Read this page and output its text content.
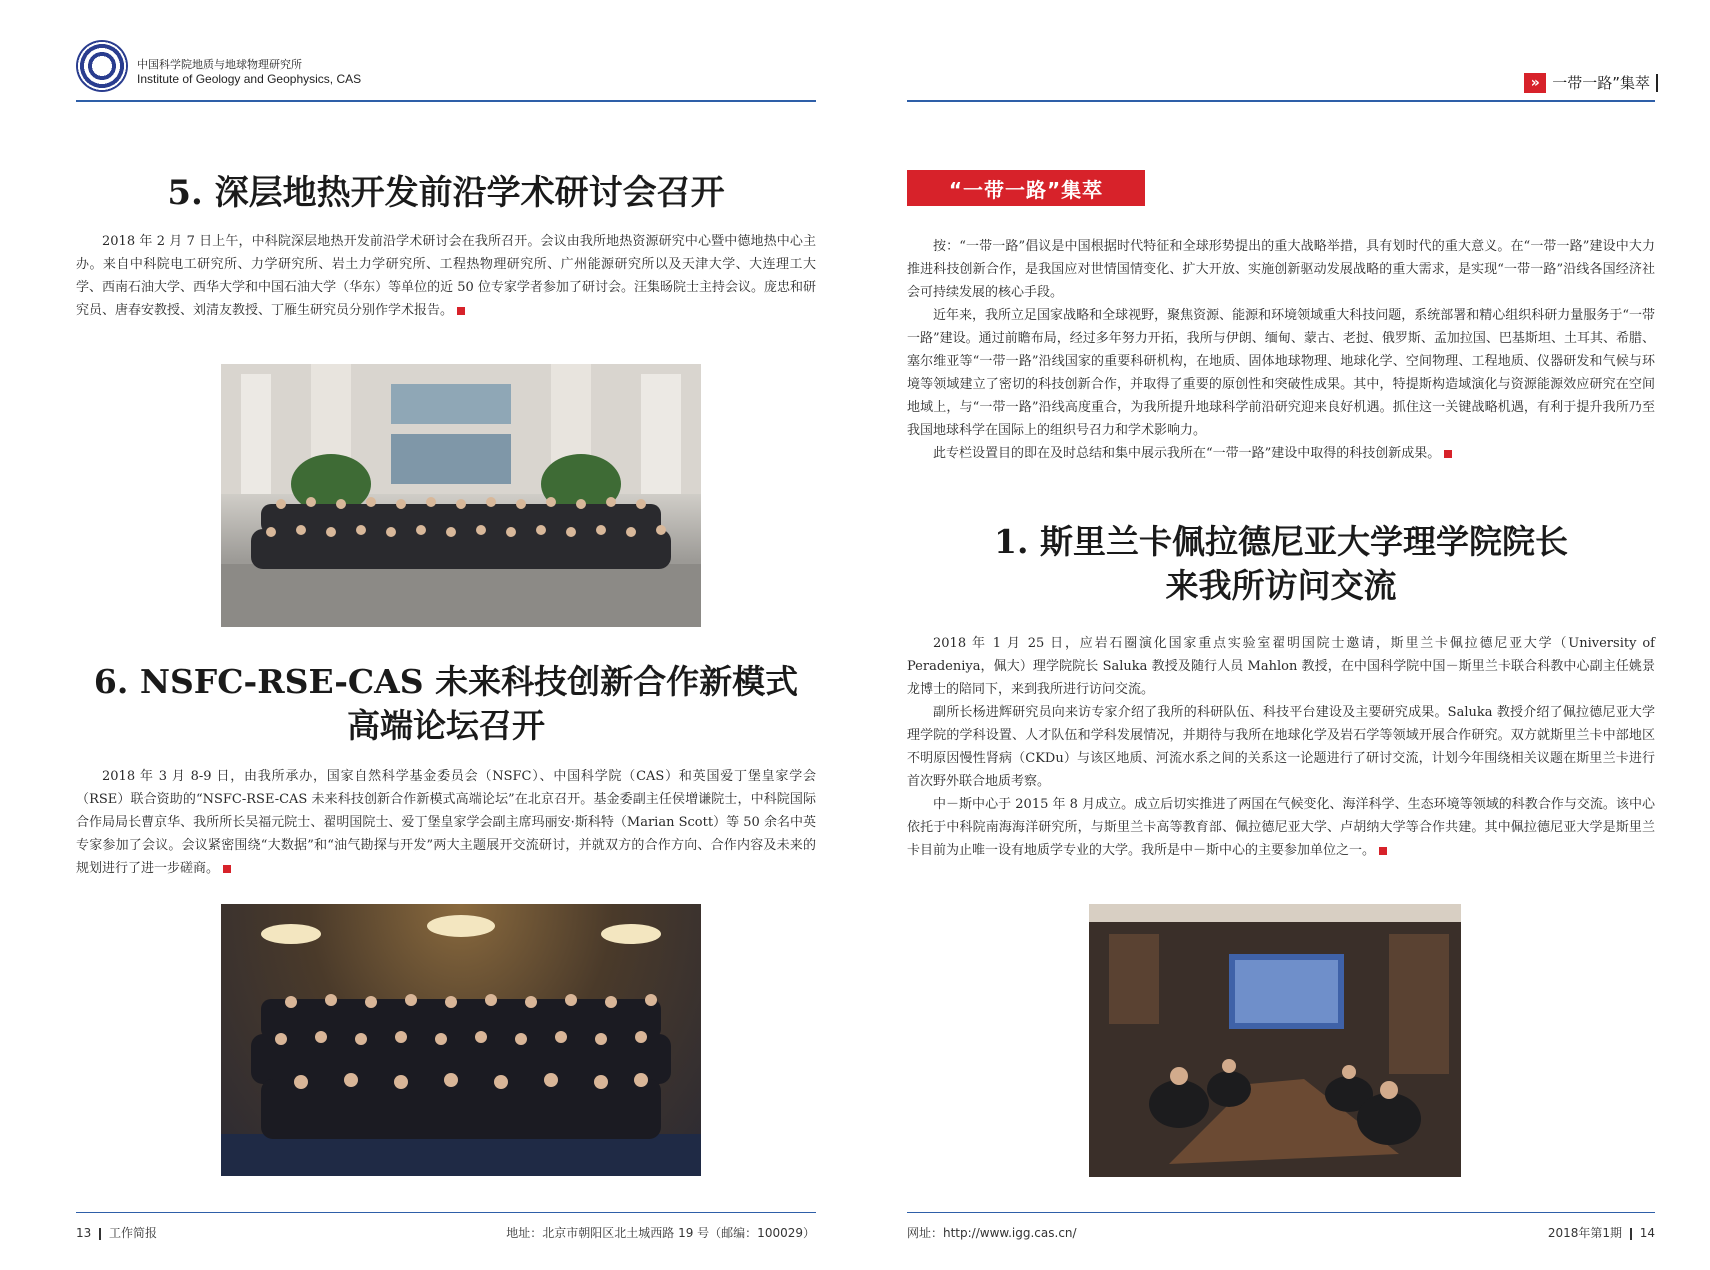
中国科学院地质与地球物理研究所
Institute of Geology and Geophysics, CAS
5. 深层地热开发前沿学术研讨会召开

2018 年 2 月 7 日上午，中科院深层地热开发前沿学术研讨会在我所召开。会议由我所地热资源研究中心暨中德地热中心主办。来自中科院电工研究所、力学研究所、岩土力学研究所、工程热物理研究所、广州能源研究所以及天津大学、大连理工大学、西南石油大学、西华大学和中国石油大学（华东）等单位的近 50 位专家学者参加了研讨会。汪集旸院士主持会议。庞忠和研究员、唐春安教授、刘清友教授、丁雁生研究员分别作学术报告。

6. NSFC-RSE-CAS 未来科技创新合作新模式
高端论坛召开

2018 年 3 月 8-9 日，由我所承办，国家自然科学基金委员会（NSFC）、中国科学院（CAS）和英国爱丁堡皇家学会（RSE）联合资助的“NSFC-RSE-CAS 未来科技创新合作新模式高端论坛”在北京召开。基金委副主任侯增谦院士，中科院国际合作局局长曹京华、我所所长吴福元院士、翟明国院士、爱丁堡皇家学会副主席玛丽安·斯科特（Marian Scott）等 50 余名中英专家参加了会议。会议紧密围绕“大数据”和“油气勘探与开发”两大主题展开交流研讨，并就双方的合作方向、合作内容及未来的规划进行了进一步磋商。

13 工作简报	地址：北京市朝阳区北土城西路 19 号（邮编：100029）
» 一带一路”集萃
“一带一路”集萃

按：“一带一路”倡议是中国根据时代特征和全球形势提出的重大战略举措，具有划时代的重大意义。在“一带一路”建设中大力推进科技创新合作，是我国应对世情国情变化、扩大开放、实施创新驱动发展战略的重大需求，是实现“一带一路”沿线各国经济社会可持续发展的核心手段。

近年来，我所立足国家战略和全球视野，聚焦资源、能源和环境领域重大科技问题，系统部署和精心组织科研力量服务于“一带一路”建设。通过前瞻布局，经过多年努力开拓，我所与伊朗、缅甸、蒙古、老挝、俄罗斯、孟加拉国、巴基斯坦、土耳其、希腊、塞尔维亚等“一带一路”沿线国家的重要科研机构，在地质、固体地球物理、地球化学、空间物理、工程地质、仪器研发和气候与环境等领域建立了密切的科技创新合作，并取得了重要的原创性和突破性成果。其中，特提斯构造域演化与资源能源效应研究在空间地域上，与“一带一路”沿线高度重合，为我所提升地球科学前沿研究迎来良好机遇。抓住这一关键战略机遇，有利于提升我所乃至我国地球科学在国际上的组织号召力和学术影响力。

此专栏设置目的即在及时总结和集中展示我所在“一带一路”建设中取得的科技创新成果。

1. 斯里兰卡佩拉德尼亚大学理学院院长
来我所访问交流

2018 年 1 月 25 日，应岩石圈演化国家重点实验室翟明国院士邀请，斯里兰卡佩拉德尼亚大学（University of Peradeniya，佩大）理学院院长 Saluka 教授及随行人员 Mahlon 教授，在中国科学院中国－斯里兰卡联合科教中心副主任姚景龙博士的陪同下，来到我所进行访问交流。

副所长杨进辉研究员向来访专家介绍了我所的科研队伍、科技平台建设及主要研究成果。Saluka 教授介绍了佩拉德尼亚大学理学院的学科设置、人才队伍和学科发展情况，并期待与我所在地球化学及岩石学等领域开展合作研究。双方就斯里兰卡中部地区不明原因慢性肾病（CKDu）与该区地质、河流水系之间的关系这一论题进行了研讨交流，计划今年围绕相关议题在斯里兰卡进行首次野外联合地质考察。

中－斯中心于 2015 年 8 月成立。成立后切实推进了两国在气候变化、海洋科学、生态环境等领域的科教合作与交流。该中心依托于中科院南海海洋研究所，与斯里兰卡高等教育部、佩拉德尼亚大学、卢胡纳大学等合作共建。其中佩拉德尼亚大学是斯里兰卡目前为止唯一设有地质学专业的大学。我所是中－斯中心的主要参加单位之一。

网址：http://www.igg.cas.cn/	2018年第1期 14
